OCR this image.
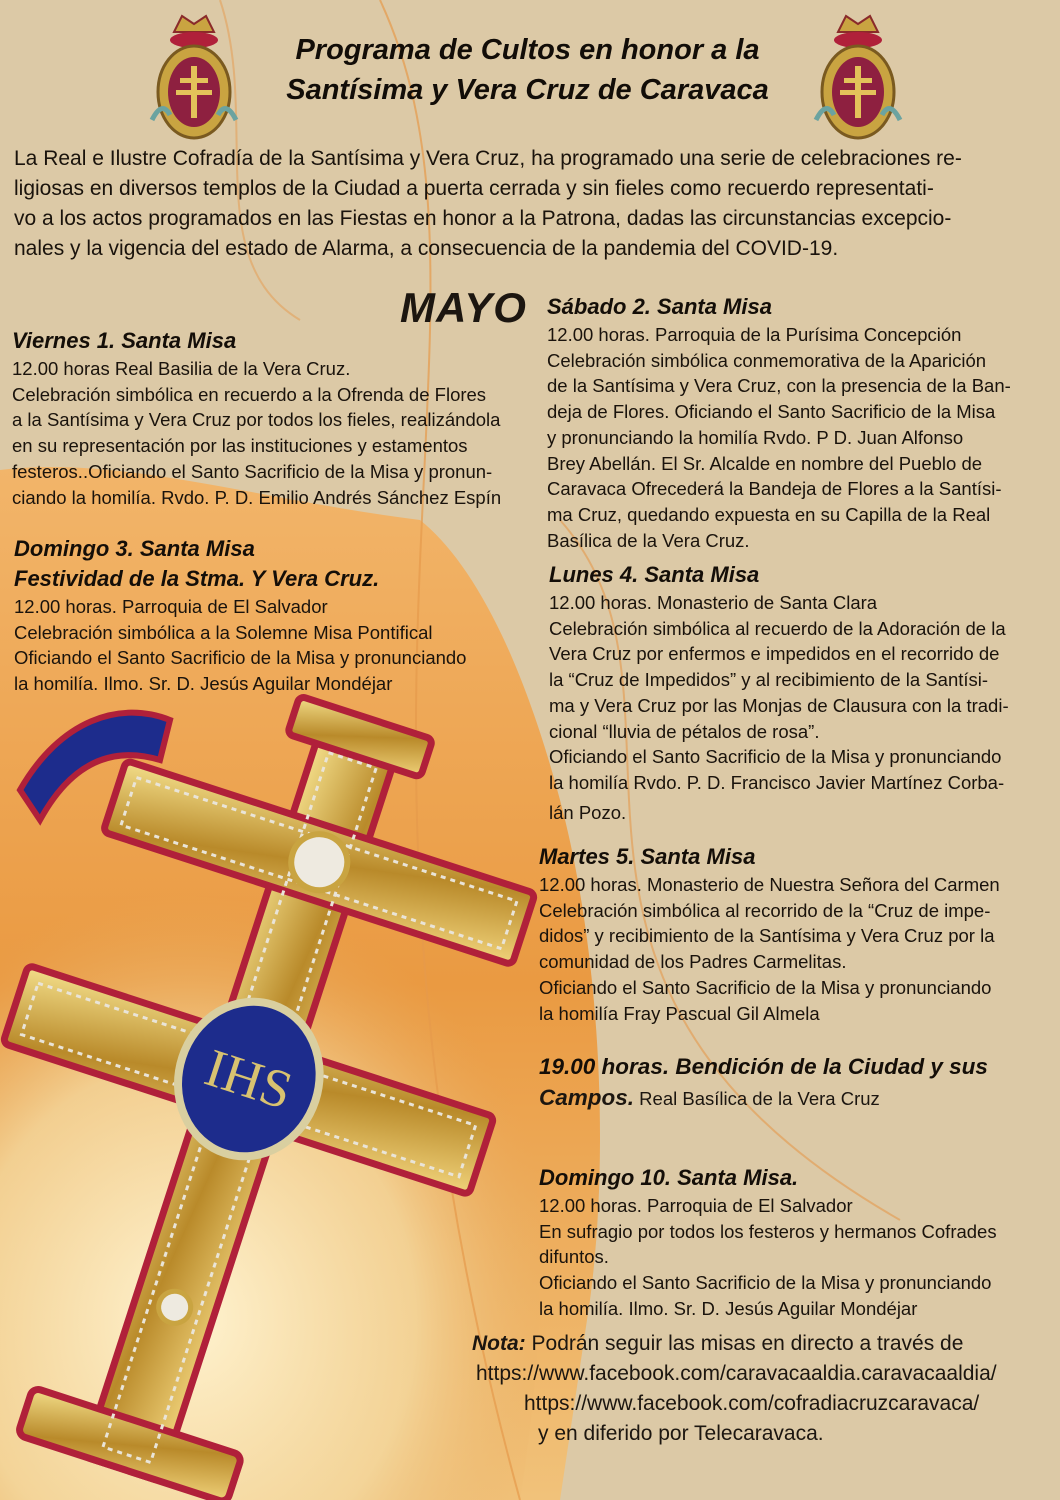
IHS
Programa de Cultos en honor a la
Santísima y Vera Cruz de Caravaca
La Real e Ilustre Cofradía de la Santísima y Vera Cruz, ha programado una serie de celebraciones re-
ligiosas en diversos templos de la Ciudad a puerta cerrada y sin fieles como recuerdo representati-
vo a los actos programados en las Fiestas en honor a la Patrona, dadas las circunstancias excepcio-
nales y la vigencia del estado de Alarma, a consecuencia de la pandemia del COVID-19.
MAYO
Viernes 1. Santa Misa
12.00 horas Real Basilia de la Vera Cruz.
Celebración simbólica en recuerdo a la Ofrenda de Flores
a la Santísima y Vera Cruz por todos los fieles, realizándola
en su representación por las instituciones y estamentos
festeros..Oficiando el Santo Sacrificio de la Misa y pronun-
ciando la homilía. Rvdo. P. D. Emilio Andrés Sánchez Espín
Domingo 3. Santa Misa
Festividad de la Stma. Y Vera Cruz.
12.00 horas. Parroquia de El Salvador
Celebración simbólica a la Solemne Misa Pontifical
Oficiando el Santo Sacrificio de la Misa y pronunciando
la homilía. Ilmo. Sr. D. Jesús Aguilar Mondéjar
Sábado 2. Santa Misa
12.00 horas. Parroquia de la Purísima Concepción
Celebración simbólica conmemorativa de la Aparición
de la Santísima y Vera Cruz, con la presencia de la Ban-
deja de Flores. Oficiando el Santo Sacrificio de la Misa
y pronunciando la homilía Rvdo. P D. Juan Alfonso
Brey Abellán. El Sr. Alcalde en nombre del Pueblo de
Caravaca Ofrecederá la Bandeja de Flores a la Santísi-
ma Cruz, quedando expuesta en su Capilla de la Real
Basílica de la Vera Cruz.
Lunes 4. Santa Misa
12.00 horas. Monasterio de Santa Clara
Celebración simbólica al recuerdo de la Adoración de la
Vera Cruz por enfermos e impedidos en el recorrido de
la “Cruz de Impedidos” y al recibimiento de la Santísi-
ma y Vera Cruz por las Monjas de Clausura con la tradi-
cional “lluvia de pétalos de rosa”.
Oficiando el Santo Sacrificio de la Misa y pronunciando
la homilía Rvdo. P. D. Francisco Javier Martínez Corba-
lán Pozo.
Martes 5. Santa Misa
12.00 horas. Monasterio de Nuestra Señora del Carmen
Celebración simbólica al recorrido de la “Cruz de impe-
didos” y recibimiento de la Santísima y Vera Cruz por la
comunidad de los Padres Carmelitas.
Oficiando el Santo Sacrificio de la Misa y pronunciando
la homilía Fray Pascual Gil Almela
19.00 horas. Bendición de la Ciudad y sus
Campos. Real Basílica de la Vera Cruz
Domingo 10. Santa Misa.
12.00 horas. Parroquia de El Salvador
En sufragio por todos los festeros y hermanos Cofrades
difuntos.
Oficiando el Santo Sacrificio de la Misa y pronunciando
la homilía. Ilmo. Sr. D. Jesús Aguilar Mondéjar
Nota: Podrán seguir las misas en directo a través de
https://www.facebook.com/caravacaaldia.caravacaaldia/
https://www.facebook.com/cofradiacruzcaravaca/
y en diferido por Telecaravaca.
